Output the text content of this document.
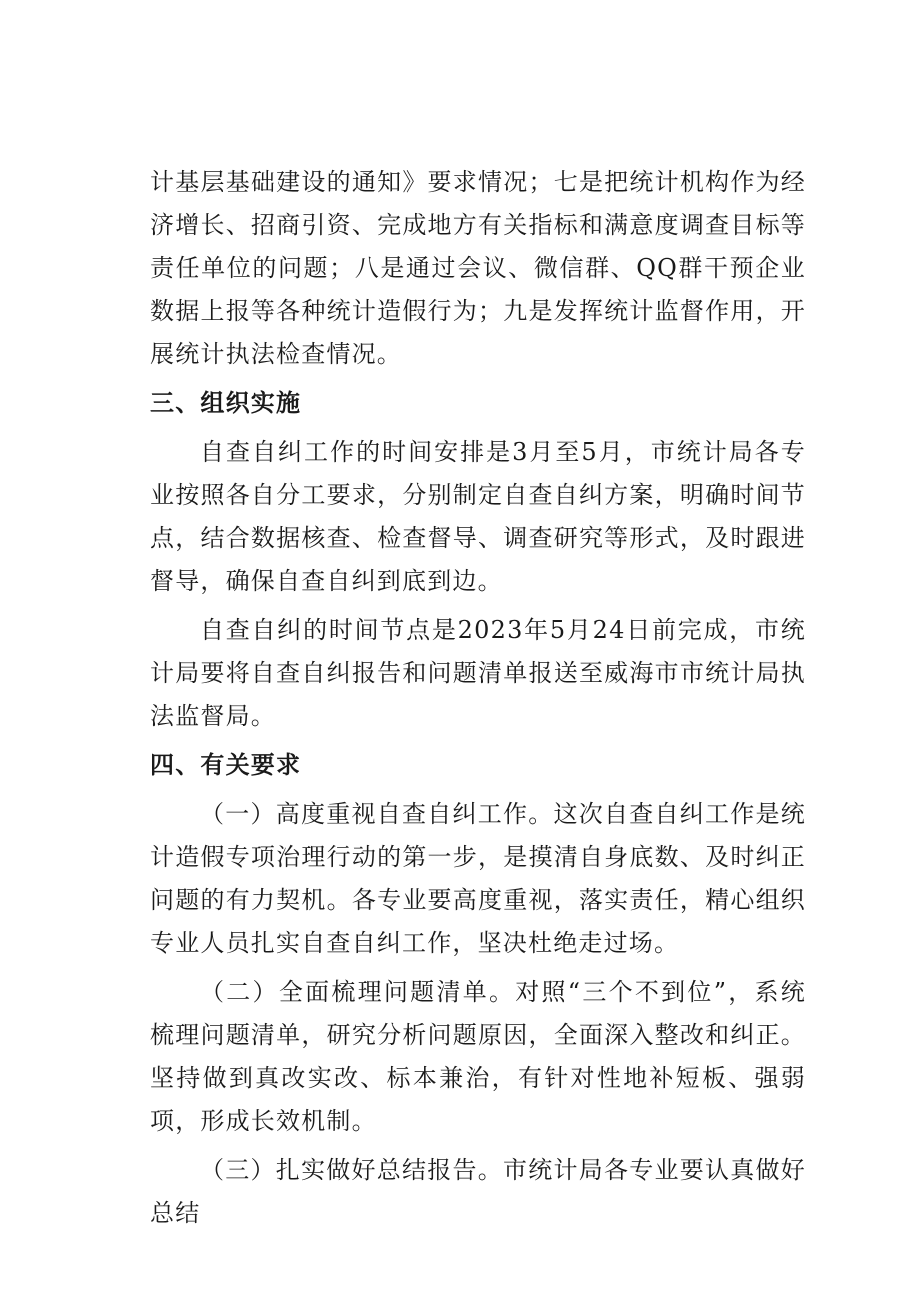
计基层基础建设的通知》要求情况；七是把统计机构作为经济增长、招商引资、完成地方有关指标和满意度调查目标等责任单位的问题；八是通过会议、微信群、QQ群干预企业数据上报等各种统计造假行为；九是发挥统计监督作用，开展统计执法检查情况。

三、组织实施

自查自纠工作的时间安排是3月至5月，市统计局各专业按照各自分工要求，分别制定自查自纠方案，明确时间节点，结合数据核查、检查督导、调查研究等形式，及时跟进督导，确保自查自纠到底到边。

自查自纠的时间节点是2023年5月24日前完成，市统计局要将自查自纠报告和问题清单报送至威海市市统计局执法监督局。

四、有关要求

（一）高度重视自查自纠工作。这次自查自纠工作是统计造假专项治理行动的第一步，是摸清自身底数、及时纠正问题的有力契机。各专业要高度重视，落实责任，精心组织专业人员扎实自查自纠工作，坚决杜绝走过场。

（二）全面梳理问题清单。对照“三个不到位”，系统梳理问题清单，研究分析问题原因，全面深入整改和纠正。坚持做到真改实改、标本兼治，有针对性地补短板、强弱项，形成长效机制。

（三）扎实做好总结报告。市统计局各专业要认真做好总结
